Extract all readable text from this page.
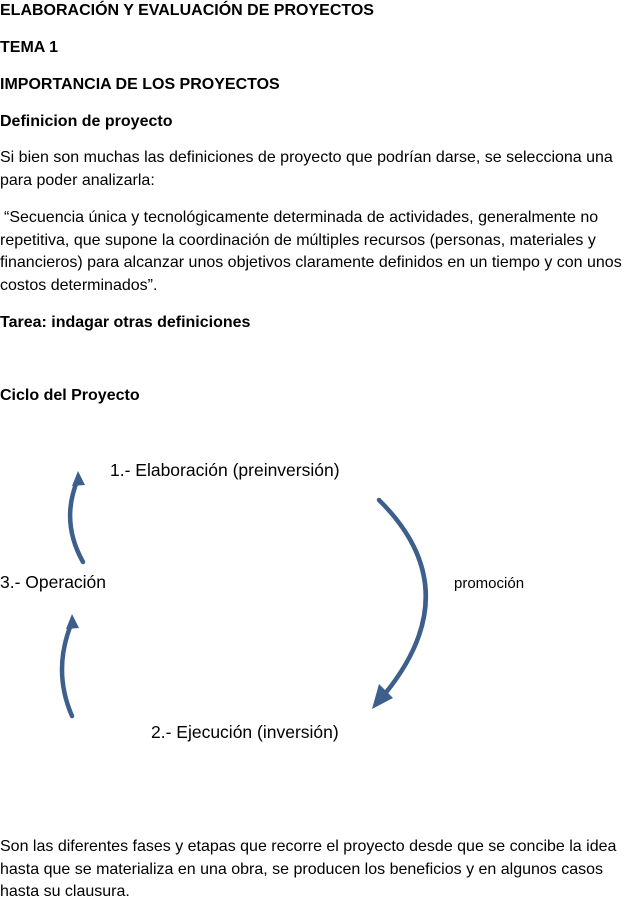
ELABORACIÓN Y EVALUACIÓN DE PROYECTOS
TEMA 1
IMPORTANCIA DE LOS PROYECTOS
Definicion de proyecto
Si bien son muchas las definiciones de proyecto que podrían darse, se selecciona una para poder analizarla:
“Secuencia única y tecnológicamente determinada de actividades, generalmente no repetitiva, que supone la coordinación de múltiples recursos (personas, materiales y financieros) para alcanzar unos objetivos claramente definidos en un tiempo y con unos costos determinados”.
Tarea: indagar otras definiciones
Ciclo del Proyecto
1.- Elaboración (preinversión)
3.- Operación	promoción
2.- Ejecución (inversión)
Son las diferentes fases y etapas que recorre el proyecto desde que se concibe la idea hasta que se materializa en una obra, se producen los beneficios y en algunos casos hasta su clausura.
